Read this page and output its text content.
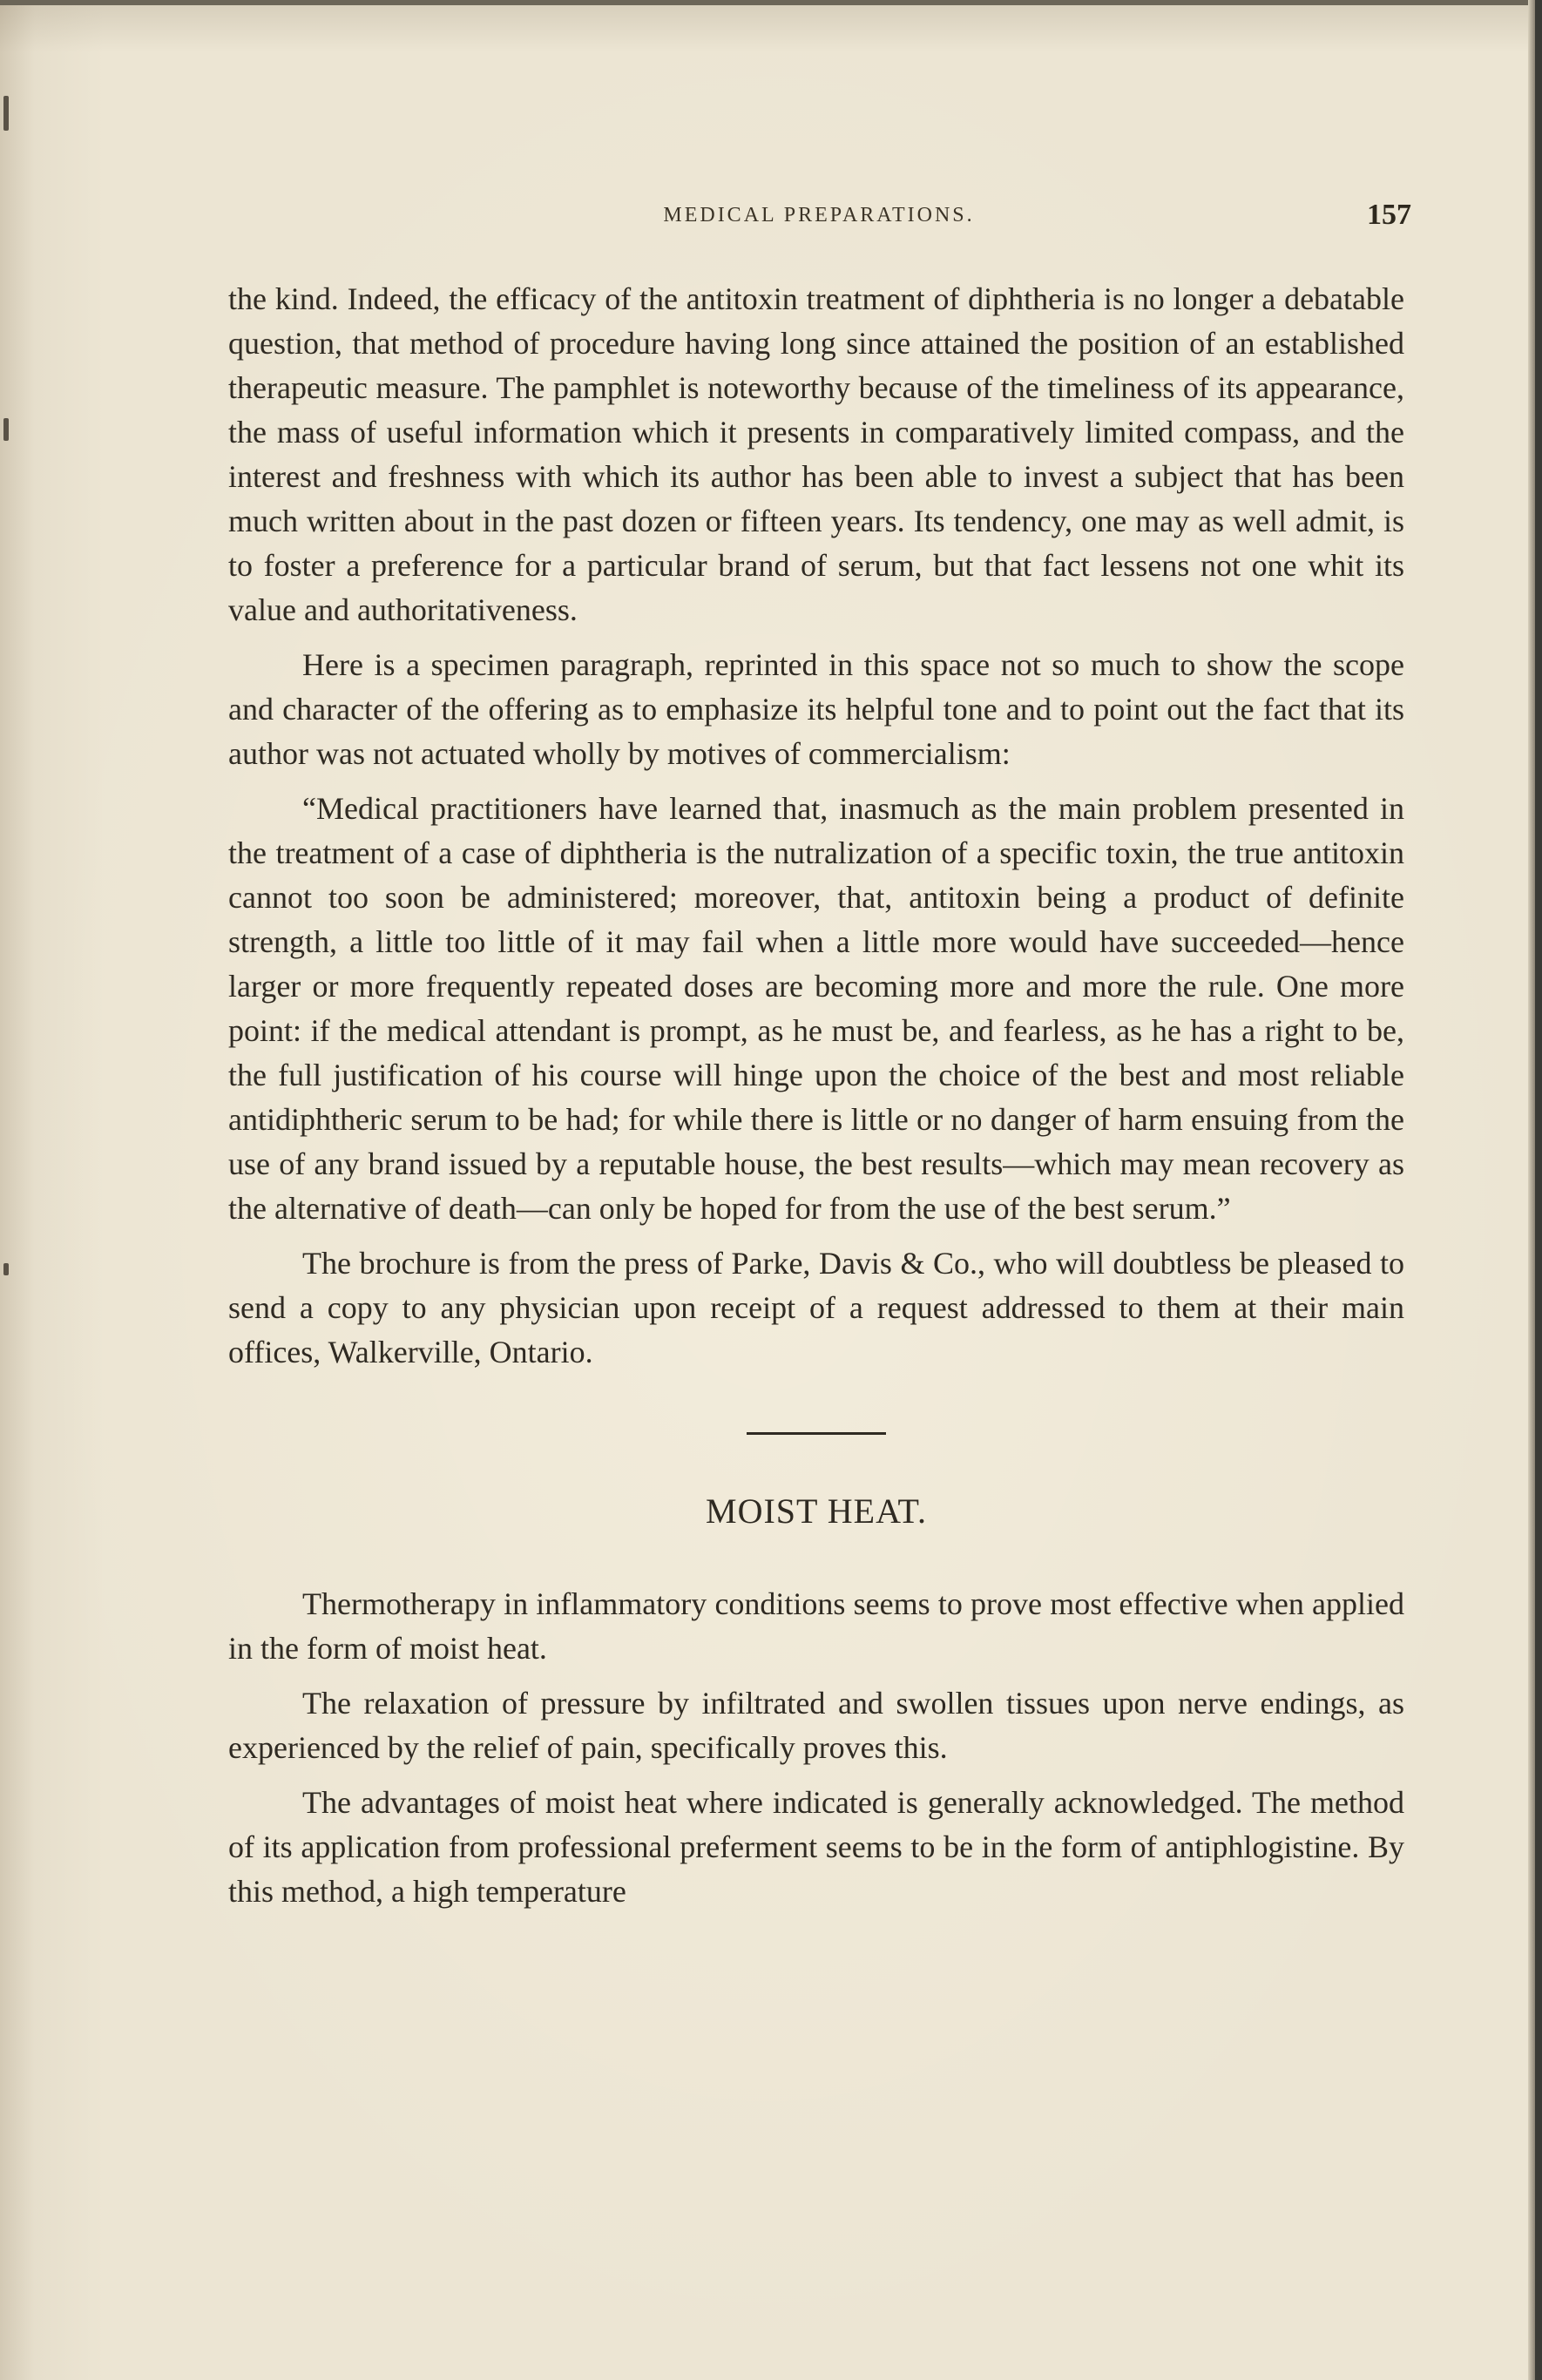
MEDICAL PREPARATIONS.	157

the kind. Indeed, the efficacy of the antitoxin treatment of diphtheria is no longer a debatable question, that method of procedure having long since attained the position of an established therapeutic measure. The pamphlet is noteworthy because of the timeliness of its appearance, the mass of useful information which it presents in comparatively limited compass, and the interest and freshness with which its author has been able to invest a subject that has been much written about in the past dozen or fifteen years. Its tendency, one may as well admit, is to foster a preference for a particular brand of serum, but that fact lessens not one whit its value and authoritativeness.

Here is a specimen paragraph, reprinted in this space not so much to show the scope and character of the offering as to emphasize its helpful tone and to point out the fact that its author was not actuated wholly by motives of commercialism:

“Medical practitioners have learned that, inasmuch as the main problem presented in the treatment of a case of diphtheria is the nutralization of a specific toxin, the true antitoxin cannot too soon be administered; moreover, that, antitoxin being a product of definite strength, a little too little of it may fail when a little more would have succeeded—hence larger or more frequently repeated doses are becoming more and more the rule. One more point: if the medical attendant is prompt, as he must be, and fearless, as he has a right to be, the full justification of his course will hinge upon the choice of the best and most reliable antidiphtheric serum to be had; for while there is little or no danger of harm ensuing from the use of any brand issued by a reputable house, the best results—which may mean recovery as the alternative of death—can only be hoped for from the use of the best serum.”

The brochure is from the press of Parke, Davis & Co., who will doubtless be pleased to send a copy to any physician upon receipt of a request addressed to them at their main offices, Walkerville, Ontario.

MOIST HEAT.

Thermotherapy in inflammatory conditions seems to prove most effective when applied in the form of moist heat.

The relaxation of pressure by infiltrated and swollen tissues upon nerve endings, as experienced by the relief of pain, specifically proves this.

The advantages of moist heat where indicated is generally acknowledged. The method of its application from professional preferment seems to be in the form of antiphlogistine. By this method, a high temperature
